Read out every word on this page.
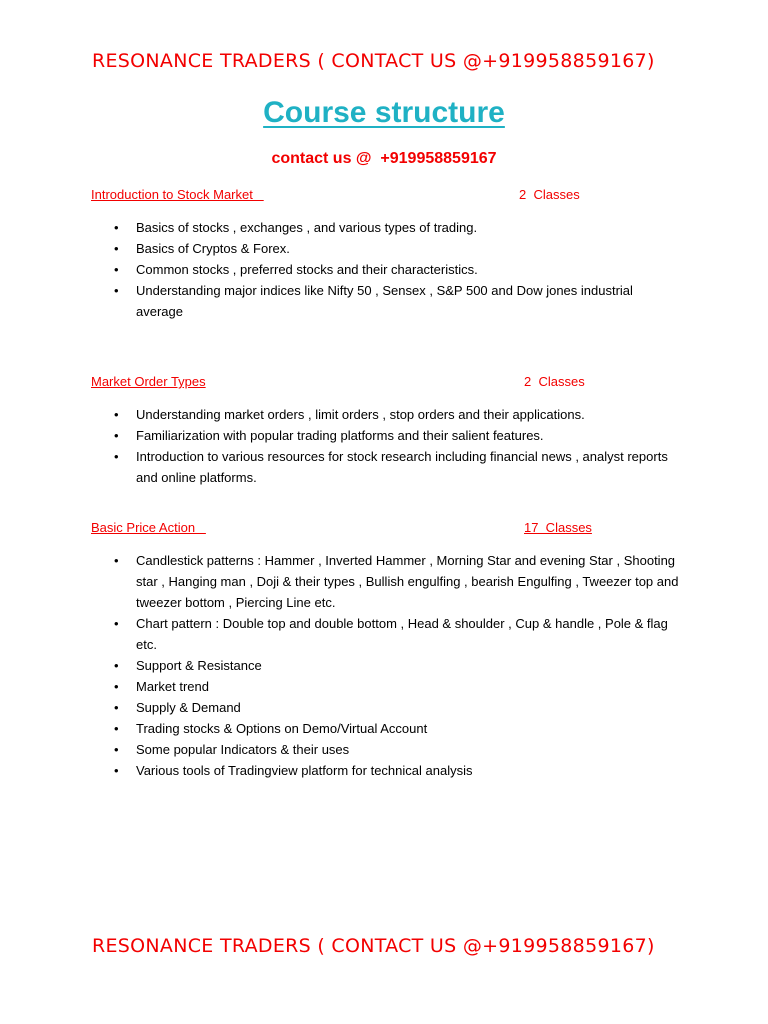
RESONANCE TRADERS ( CONTACT US @+919958859167)
Course structure
contact us @  +919958859167
Introduction to Stock Market	2  Classes
• Basics of stocks , exchanges , and various types of trading.
• Basics of Cryptos & Forex.
• Common stocks , preferred stocks and their characteristics.
• Understanding major indices like Nifty 50 , Sensex , S&P 500 and Dow jones industrial average
Market Order Types	2  Classes
• Understanding market orders , limit orders , stop orders and their applications.
• Familiarization with popular trading platforms and their salient features.
• Introduction to various resources for stock research including financial news , analyst reports and online platforms.
Basic Price Action	17  Classes
• Candlestick patterns : Hammer , Inverted Hammer , Morning Star and evening Star , Shooting star , Hanging man , Doji & their types , Bullish engulfing , bearish Engulfing , Tweezer top and tweezer bottom , Piercing Line etc.
• Chart pattern : Double top and double bottom , Head & shoulder , Cup & handle , Pole & flag etc.
• Support & Resistance
• Market trend
• Supply & Demand
• Trading stocks & Options on Demo/Virtual Account
• Some popular Indicators & their uses
• Various tools of Tradingview platform for technical analysis
RESONANCE TRADERS ( CONTACT US @+919958859167)
